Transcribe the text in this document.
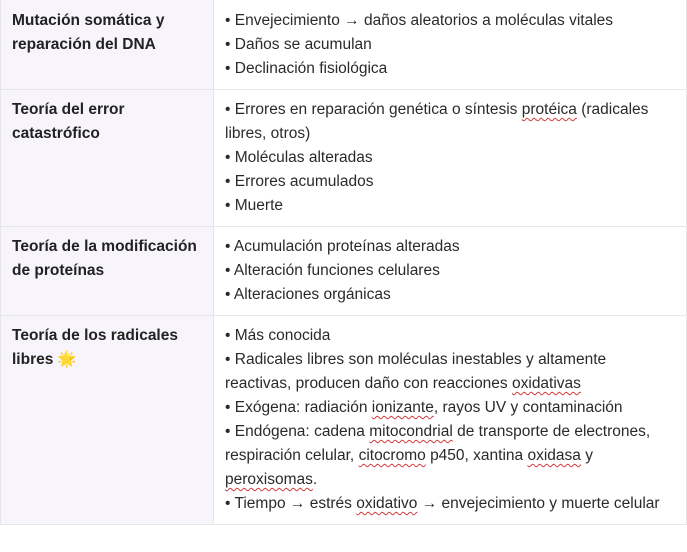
Mutación somática y reparación del DNA	• Envejecimiento → daños aleatorios a moléculas vitales
• Daños se acumulan
• Declinación fisiológica

Teoría del error catastrófico	• Errores en reparación genética o síntesis protéica (radicales libres, otros)
• Moléculas alteradas
• Errores acumulados
• Muerte

Teoría de la modificación de proteínas	• Acumulación proteínas alteradas
• Alteración funciones celulares
• Alteraciones orgánicas

Teoría de los radicales libres 🌟	• Más conocida
• Radicales libres son moléculas inestables y altamente reactivas, producen daño con reacciones oxidativas
• Exógena: radiación ionizante, rayos UV y contaminación
• Endógena: cadena mitocondrial de transporte de electrones, respiración celular, citocromo p450, xantina oxidasa y peroxisomas.
• Tiempo → estrés oxidativo → envejecimiento y muerte celular
